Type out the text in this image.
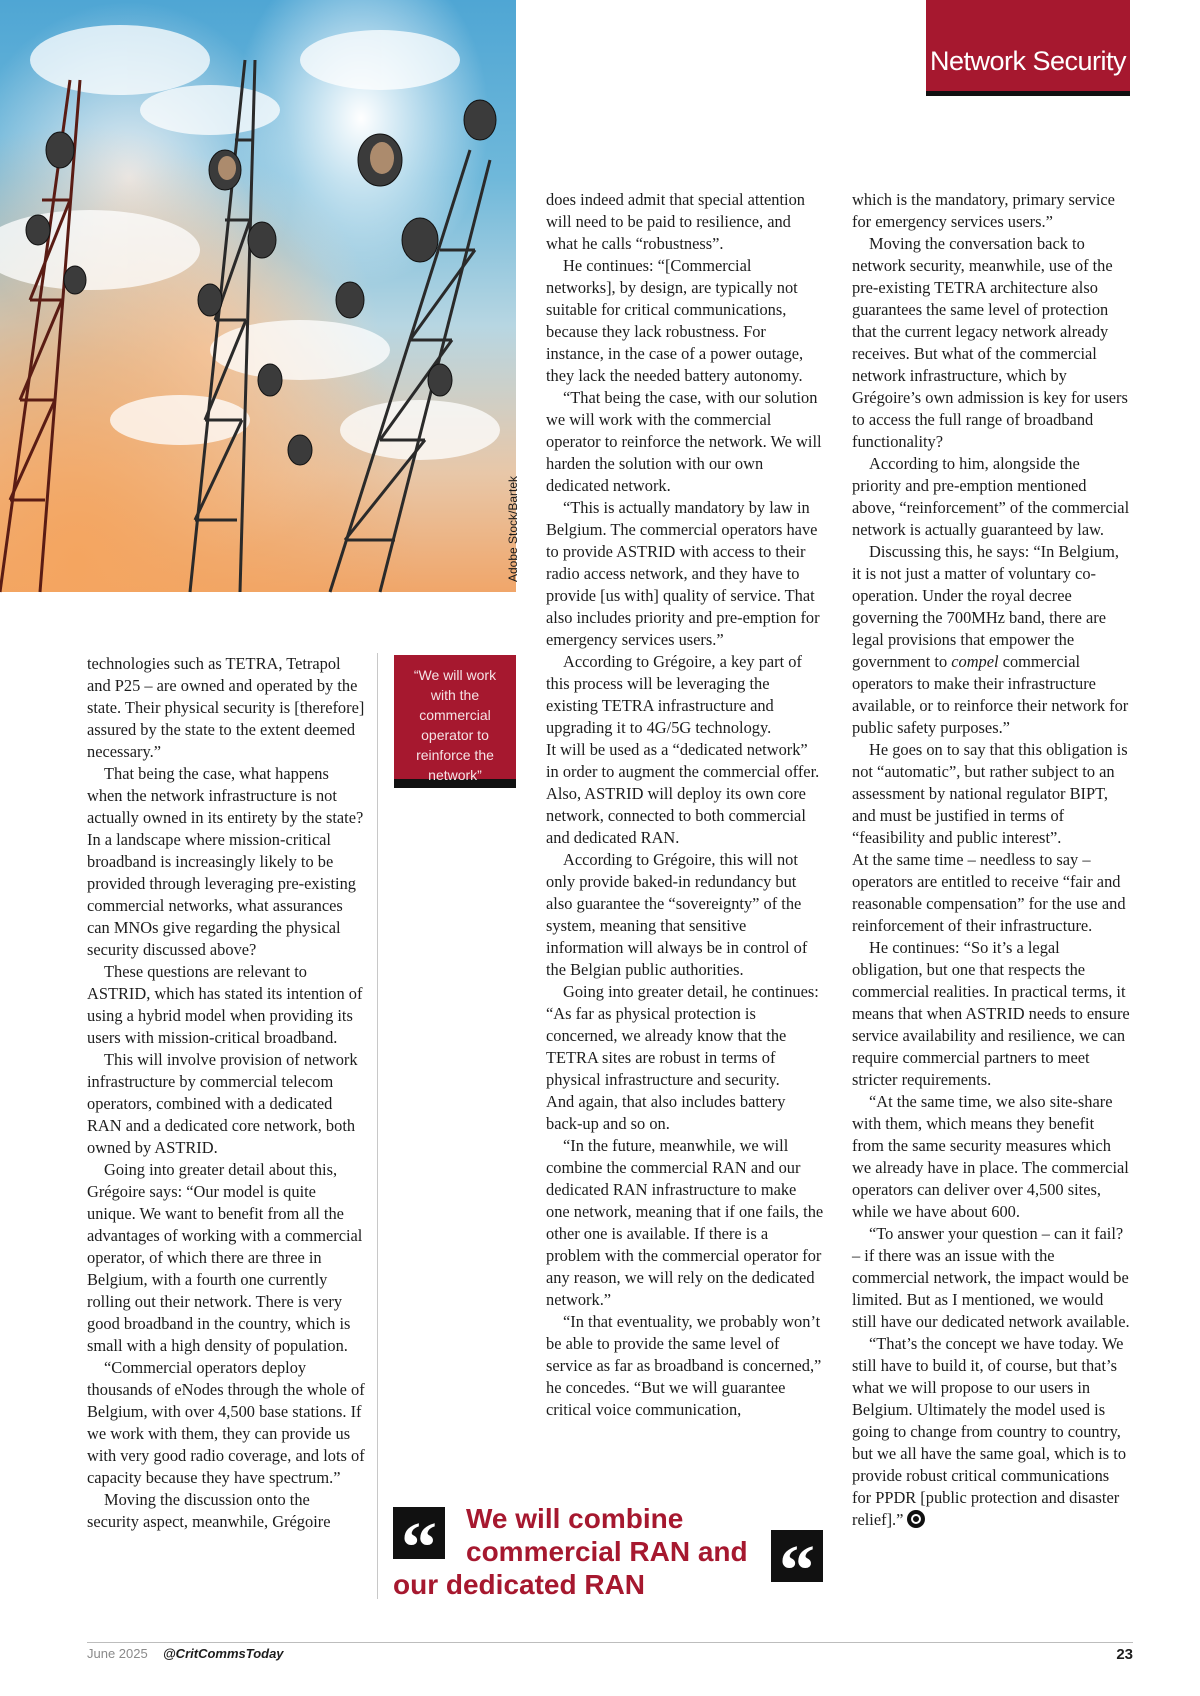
Adobe Stock/Bartek
Network Security

technologies such as TETRA, Tetrapol and P25 – are owned and operated by the state. Their physical security is [therefore] assured by the state to the extent deemed necessary.”

That being the case, what happens when the network infrastructure is not actually owned in its entirety by the state? In a landscape where mission-critical broadband is increasingly likely to be provided through leveraging pre-existing commercial networks, what assurances can MNOs give regarding the physical security discussed above?

These questions are relevant to ASTRID, which has stated its intention of using a hybrid model when providing its users with mission-critical broadband.

This will involve provision of network infrastructure by commercial telecom operators, combined with a dedicated RAN and a dedicated core network, both owned by ASTRID.

Going into greater detail about this, Grégoire says: “Our model is quite unique. We want to benefit from all the advantages of working with a commercial operator, of which there are three in Belgium, with a fourth one currently rolling out their network. There is very good broadband in the country, which is small with a high density of population.

“Commercial operators deploy thousands of eNodes through the whole of Belgium, with over 4,500 base stations. If we work with them, they can provide us with very good radio coverage, and lots of capacity because they have spectrum.”

Moving the discussion onto the security aspect, meanwhile, Grégoire

“We will work with the commercial operator to reinforce the network”

does indeed admit that special attention will need to be paid to resilience, and what he calls “robustness”.

He continues: “[Commercial networks], by design, are typically not suitable for critical communications, because they lack robustness. For instance, in the case of a power outage, they lack the needed battery autonomy.

“That being the case, with our solution we will work with the commercial operator to reinforce the network. We will harden the solution with our own dedicated network.

“This is actually mandatory by law in Belgium. The commercial operators have to provide ASTRID with access to their radio access network, and they have to provide [us with] quality of service. That also includes priority and pre-emption for emergency services users.”

According to Grégoire, a key part of this process will be leveraging the existing TETRA infrastructure and upgrading it to 4G/5G technology.

It will be used as a “dedicated network” in order to augment the commercial offer. Also, ASTRID will deploy its own core network, connected to both commercial and dedicated RAN.

According to Grégoire, this will not only provide baked-in redundancy but also guarantee the “sovereignty” of the system, meaning that sensitive information will always be in control of the Belgian public authorities.

Going into greater detail, he continues: “As far as physical protection is concerned, we already know that the TETRA sites are robust in terms of physical infrastructure and security.

And again, that also includes battery back-up and so on.

“In the future, meanwhile, we will combine the commercial RAN and our dedicated RAN infrastructure to make one network, meaning that if one fails, the other one is available. If there is a problem with the commercial operator for any reason, we will rely on the dedicated network.”

“In that eventuality, we probably won’t be able to provide the same level of service as far as broadband is concerned,” he concedes. “But we will guarantee critical voice communication,

which is the mandatory, primary service for emergency services users.”

Moving the conversation back to network security, meanwhile, use of the pre-existing TETRA architecture also guarantees the same level of protection that the current legacy network already receives. But what of the commercial network infrastructure, which by Grégoire’s own admission is key for users to access the full range of broadband functionality?

According to him, alongside the priority and pre-emption mentioned above, “reinforcement” of the commercial network is actually guaranteed by law.

Discussing this, he says: “In Belgium, it is not just a matter of voluntary co-operation. Under the royal decree governing the 700MHz band, there are legal provisions that empower the government to compel commercial operators to make their infrastructure available, or to reinforce their network for public safety purposes.”

He goes on to say that this obligation is not “automatic”, but rather subject to an assessment by national regulator BIPT, and must be justified in terms of “feasibility and public interest”.

At the same time – needless to say – operators are entitled to receive “fair and reasonable compensation” for the use and reinforcement of their infrastructure.

He continues: “So it’s a legal obligation, but one that respects the commercial realities. In practical terms, it means that when ASTRID needs to ensure service availability and resilience, we can require commercial partners to meet stricter requirements.

“At the same time, we also site-share with them, which means they benefit from the same security measures which we already have in place. The commercial operators can deliver over 4,500 sites, while we have about 600.

“To answer your question – can it fail? – if there was an issue with the commercial network, the impact would be limited. But as I mentioned, we would still have our dedicated network available.

“That’s the concept we have today. We still have to build it, of course, but that’s what we will propose to our users in Belgium. Ultimately the model used is going to change from country to country, but we all have the same goal, which is to provide robust critical communications for PPDR [public protection and disaster relief].”

“	“
We will combine
commercial RAN and
our dedicated RAN
June 2025 @CritCommsToday	23
